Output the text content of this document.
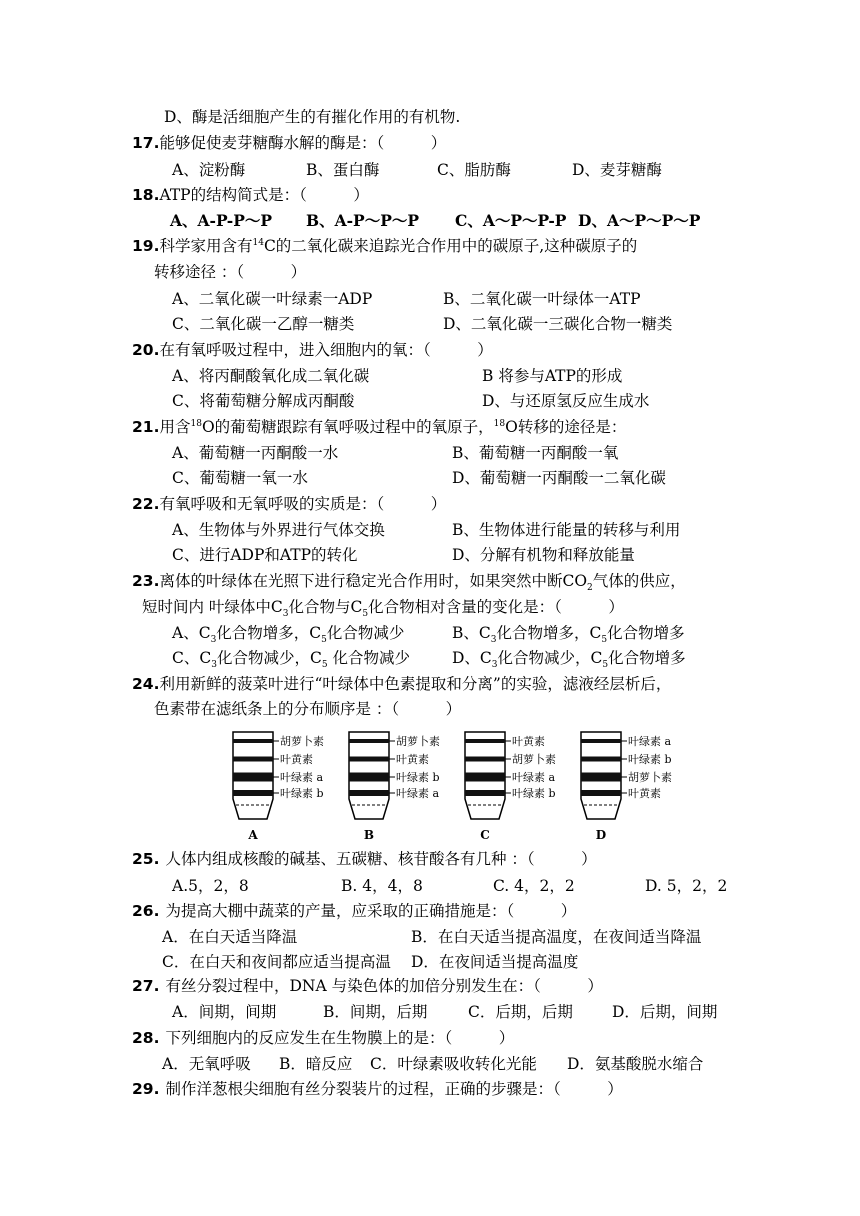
D、酶是活细胞产生的有摧化作用的有机物.
17.能够促使麦芽糖酶水解的酶是：（　　　）
A、淀粉酶	B、蛋白酶	C、脂肪酶	D、麦芽糖酶
18.ATP的结构简式是：（　　　）
A、A-P-P～P B、A-P～P～P C、A～P～P-P D、A～P～P～P
19.科学家用含有$^{14}$C的二氧化碳来追踪光合作用中的碳原子,这种碳原子的
转移途径 ：（　　　）
A、二氧化碳一叶绿素一ADP	B、二氧化碳一叶绿体一ATP
C、二氧化碳一乙醇一糖类	D、二氧化碳一三碳化合物一糖类
20.在有氧呼吸过程中，进入细胞内的氧：（　　　）
A、将丙酮酸氧化成二氧化碳	B 将参与ATP的形成
C、将葡萄糖分解成丙酮酸	D、与还原氢反应生成水
21.用含$^{18}$O的葡萄糖跟踪有氧呼吸过程中的氧原子，$^{18}$O转移的途径是：
A、葡萄糖一丙酮酸一水	B、葡萄糖一丙酮酸一氧
C、葡萄糖一氧一水	D、葡萄糖一丙酮酸一二氧化碳
22.有氧呼吸和无氧呼吸的实质是：（　　　）
A、生物体与外界进行气体交换	B、生物体进行能量的转移与利用
C、进行ADP和ATP的转化	D、分解有机物和释放能量
23.离体的叶绿体在光照下进行稳定光合作用时，如果突然中断$CO_2$气体的供应，
短时间内 叶绿体中$C_3$化合物与$C_5$化合物相对含量的变化是：（　　　）
A、$C_3$化合物增多，$C_5$化合物减少	B、$C_3$化合物增多，$C_5$化合物增多
C、$C_3$化合物减少，$C_5$ 化合物减少	D、$C_3$化合物减少，$C_5$化合物增多
24.利用新鲜的菠菜叶进行“叶绿体中色素提取和分离”的实验，滤液经层析后，
色素带在滤纸条上的分布顺序是 ：（　　　）
胡萝卜素
叶黄素
叶绿素 a
叶绿素 b
A
胡萝卜素
叶黄素
叶绿素 b
叶绿素 a
B
叶黄素
胡萝卜素
叶绿素 a
叶绿素 b
C
叶绿素 a
叶绿素 b
胡萝卜素
叶黄素
D
25. 人体内组成核酸的碱基、五碳糖、核苷酸各有几种 ：（　　　）
A.5，2，8	B. 4，4，8	C. 4，2，2	D. 5，2，2
26. 为提高大棚中蔬菜的产量，应采取的正确措施是：（　　　）
A．在白天适当降温	B．在白天适当提高温度，在夜间适当降温
C．在白天和夜间都应适当提高温 D．在夜间适当提高温度
27. 有丝分裂过程中，DNA 与染色体的加倍分别发生在：（　　　）
A．间期，间期	B．间期，后期	C．后期，后期	D．后期，间期
28. 下列细胞内的反应发生在生物膜上的是：（　　　）
A．无氧呼吸 B．暗反应 C．叶绿素吸收转化光能 D．氨基酸脱水缩合
29. 制作洋葱根尖细胞有丝分裂装片的过程，正确的步骤是：（　　　）
